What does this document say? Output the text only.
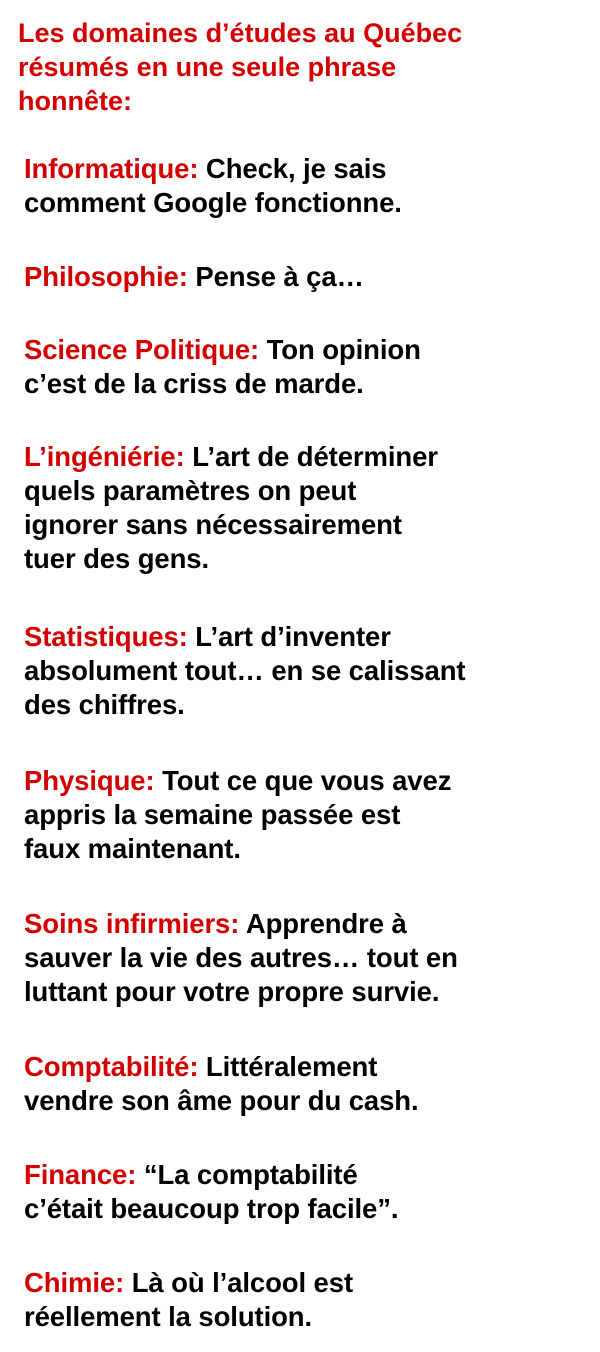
Les domaines d’études au Québec
résumés en une seule phrase
honnête:
Informatique: Check, je sais
comment Google fonctionne.
Philosophie: Pense à ça…
Science Politique: Ton opinion
c’est de la criss de marde.
L’ingéniérie: L’art de déterminer
quels paramètres on peut
ignorer sans nécessairement
tuer des gens.
Statistiques: L’art d’inventer
absolument tout… en se calissant
des chiffres.
Physique: Tout ce que vous avez
appris la semaine passée est
faux maintenant.
Soins infirmiers: Apprendre à
sauver la vie des autres… tout en
luttant pour votre propre survie.
Comptabilité: Littéralement
vendre son âme pour du cash.
Finance: “La comptabilité
c’était beaucoup trop facile”.
Chimie: Là où l’alcool est
réellement la solution.
